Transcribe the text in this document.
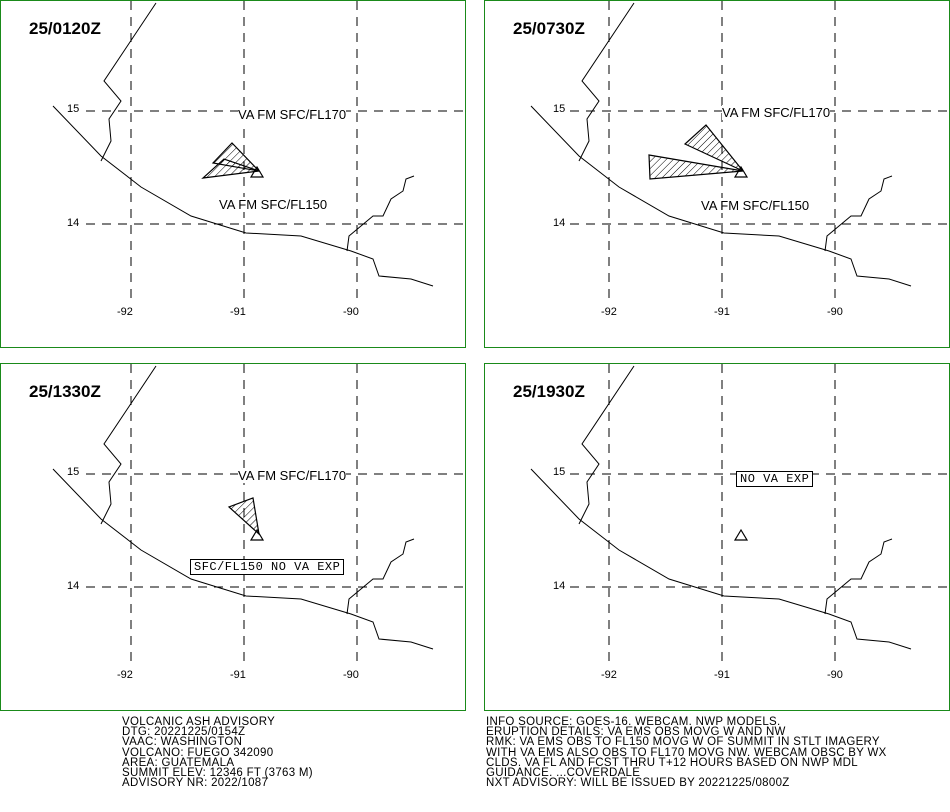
25/0120Z
VA FM SFC/FL170
VA FM SFC/FL150
15
14
-92	-91	-90
25/0730Z
VA FM SFC/FL170
VA FM SFC/FL150
15
14
-92	-91	-90
25/1330Z
VA FM SFC/FL170
SFC/FL150 NO VA EXP
15
14
-92	-91	-90
25/1930Z
NO VA EXP
15
14
-92	-91	-90
VOLCANIC ASH ADVISORY
DTG: 20221225/0154Z
VAAC: WASHINGTON
VOLCANO: FUEGO 342090
AREA: GUATEMALA
SUMMIT ELEV: 12346 FT (3763 M)
ADVISORY NR: 2022/1087
INFO SOURCE: GOES-16. WEBCAM. NWP MODELS.
ERUPTION DETAILS: VA EMS OBS MOVG W AND NW
RMK: VA EMS OBS TO FL150 MOVG W OF SUMMIT IN STLT IMAGERY
WITH VA EMS ALSO OBS TO FL170 MOVG NW. WEBCAM OBSC BY WX
CLDS. VA FL AND FCST THRU T+12 HOURS BASED ON NWP MDL
GUIDANCE. ...COVERDALE
NXT ADVISORY: WILL BE ISSUED BY 20221225/0800Z
